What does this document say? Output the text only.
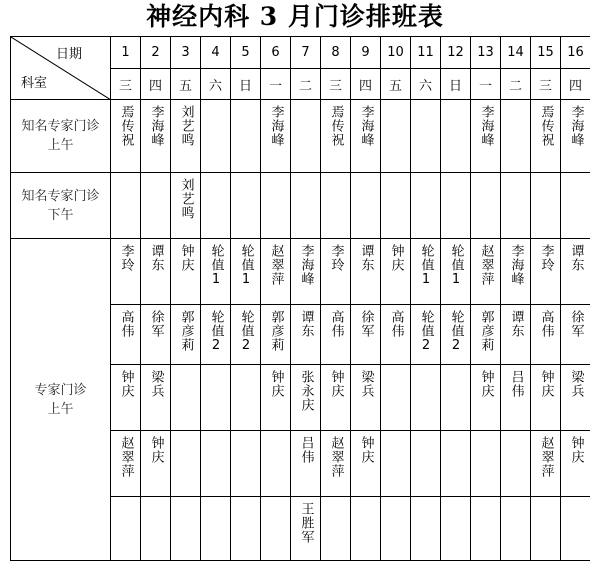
神经内科 3 月门诊排班表
日期
科室	1	2	3	4	5	6	7	8	9	10	11	12	13	14	15	16
	三	四	五	六	日	一	二	三	四	五	六	日	一	二	三	四

知名专家门诊
上午	焉传祝	李海峰	刘艺鸣			李海峰		焉传祝	李海峰				李海峰		焉传祝	李海峰

知名专家门诊
下午			刘艺鸣													

专家门诊
上午	李玲	谭东	钟庆	轮值1	轮值1	赵翠萍	李海峰	李玲	谭东	钟庆	轮值1	轮值1	赵翠萍	李海峰	李玲	谭东
	高伟	徐军	郭彦莉	轮值2	轮值2	郭彦莉	谭东	高伟	徐军	高伟	轮值2	轮值2	郭彦莉	谭东	高伟	徐军
	钟庆	梁兵				钟庆	张永庆	钟庆	梁兵				钟庆	吕伟	钟庆	梁兵
	赵翠萍	钟庆					吕伟	赵翠萍	钟庆						赵翠萍	钟庆
							王胜军									
